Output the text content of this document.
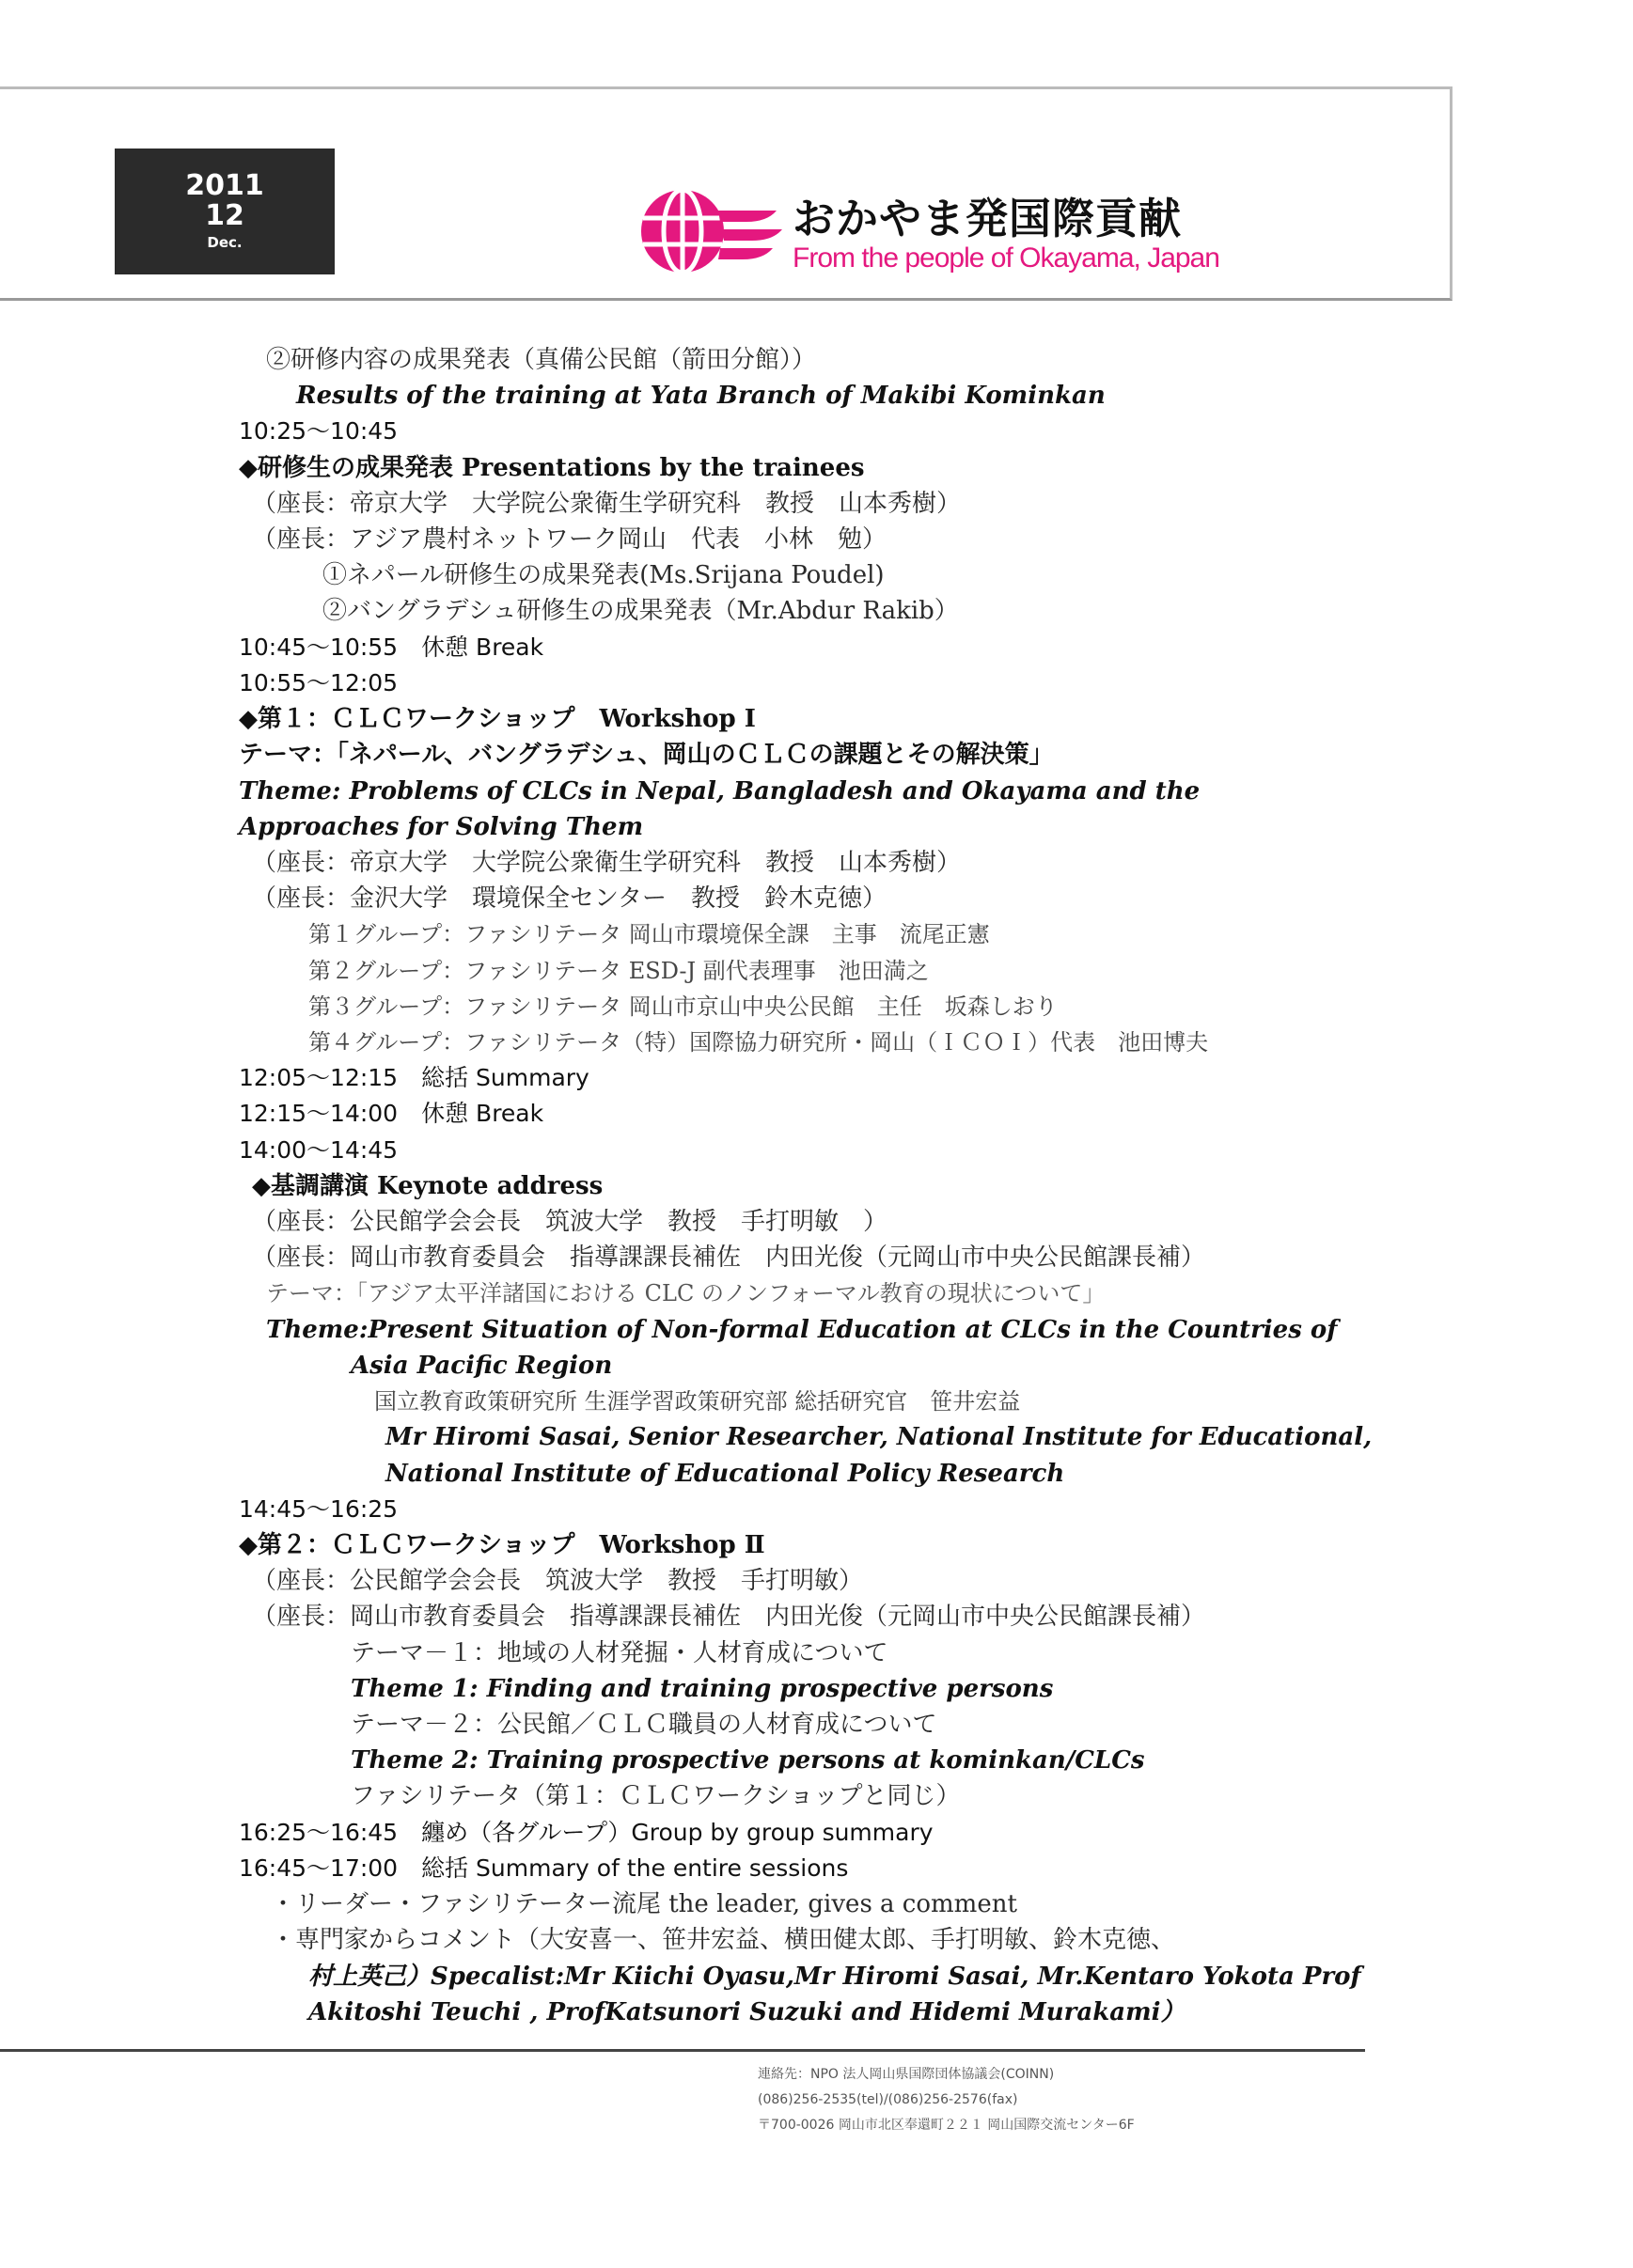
2011
12
Dec.	おかやま発国際貢献
From the people of Okayama, Japan
②研修内容の成果発表（真備公民館（箭田分館））
Results of the training at Yata Branch of Makibi Kominkan
10:25～10:45
◆研修生の成果発表 Presentations by the trainees
（座長：帝京大学　大学院公衆衛生学研究科　教授　山本秀樹）
（座長：アジア農村ネットワーク岡山　代表　小林　勉）
①ネパール研修生の成果発表(Ms.Srijana Poudel)
②バングラデシュ研修生の成果発表（Mr.Abdur Rakib）
10:45～10:55　休憩 Break
10:55～12:05
◆第１：ＣＬＣワークショップ　Workshop Ⅰ
テーマ：「ネパール、バングラデシュ、岡山のＣＬＣの課題とその解決策」
Theme: Problems of CLCs in Nepal, Bangladesh and Okayama and the
Approaches for Solving Them
（座長：帝京大学　大学院公衆衛生学研究科　教授　山本秀樹）
（座長：金沢大学　環境保全センター　教授　鈴木克徳）
第１グループ：ファシリテータ 岡山市環境保全課　主事　流尾正憲
第２グループ：ファシリテータ ESD-J 副代表理事　池田満之
第３グループ：ファシリテータ 岡山市京山中央公民館　主任　坂森しおり
第４グループ：ファシリテータ（特）国際協力研究所・岡山（ＩＣＯＩ）代表　池田博夫
12:05～12:15　総括 Summary
12:15～14:00　休憩 Break
14:00～14:45
◆基調講演 Keynote address
（座長：公民館学会会長　筑波大学　教授　手打明敏　）
（座長：岡山市教育委員会　指導課課長補佐　内田光俊（元岡山市中央公民館課長補）
テーマ：「アジア太平洋諸国における CLC のノンフォーマル教育の現状について」
Theme:Present Situation of Non-formal Education at CLCs in the Countries of
Asia Pacific Region
国立教育政策研究所 生涯学習政策研究部 総括研究官　笹井宏益
Mr Hiromi Sasai, Senior Researcher, National Institute for Educational,
National Institute of Educational Policy Research
14:45～16:25
◆第２：ＣＬＣワークショップ　Workshop Ⅱ
（座長：公民館学会会長　筑波大学　教授　手打明敏）
（座長：岡山市教育委員会　指導課課長補佐　内田光俊（元岡山市中央公民館課長補）
テーマ－１：地域の人材発掘・人材育成について
Theme 1: Finding and training prospective persons
テーマ－２：公民館／ＣＬＣ職員の人材育成について
Theme 2: Training prospective persons at kominkan/CLCs
ファシリテータ（第１：ＣＬＣワークショップと同じ）
16:25～16:45　纏め（各グループ）Group by group summary
16:45～17:00　総括 Summary of the entire sessions
・リーダー・ファシリテーター流尾 the leader, gives a comment
・専門家からコメント（大安喜一、笹井宏益、横田健太郎、手打明敏、鈴木克徳、
村上英己）Specalist:Mr Kiichi Oyasu,Mr Hiromi Sasai, Mr.Kentaro Yokota Prof
Akitoshi Teuchi , ProfKatsunori Suzuki and Hidemi Murakami）
連絡先：NPO 法人岡山県国際団体協議会(COINN)
(086)256-2535(tel)/(086)256-2576(fax)
〒700-0026 岡山市北区奉還町２２１ 岡山国際交流センター6F
